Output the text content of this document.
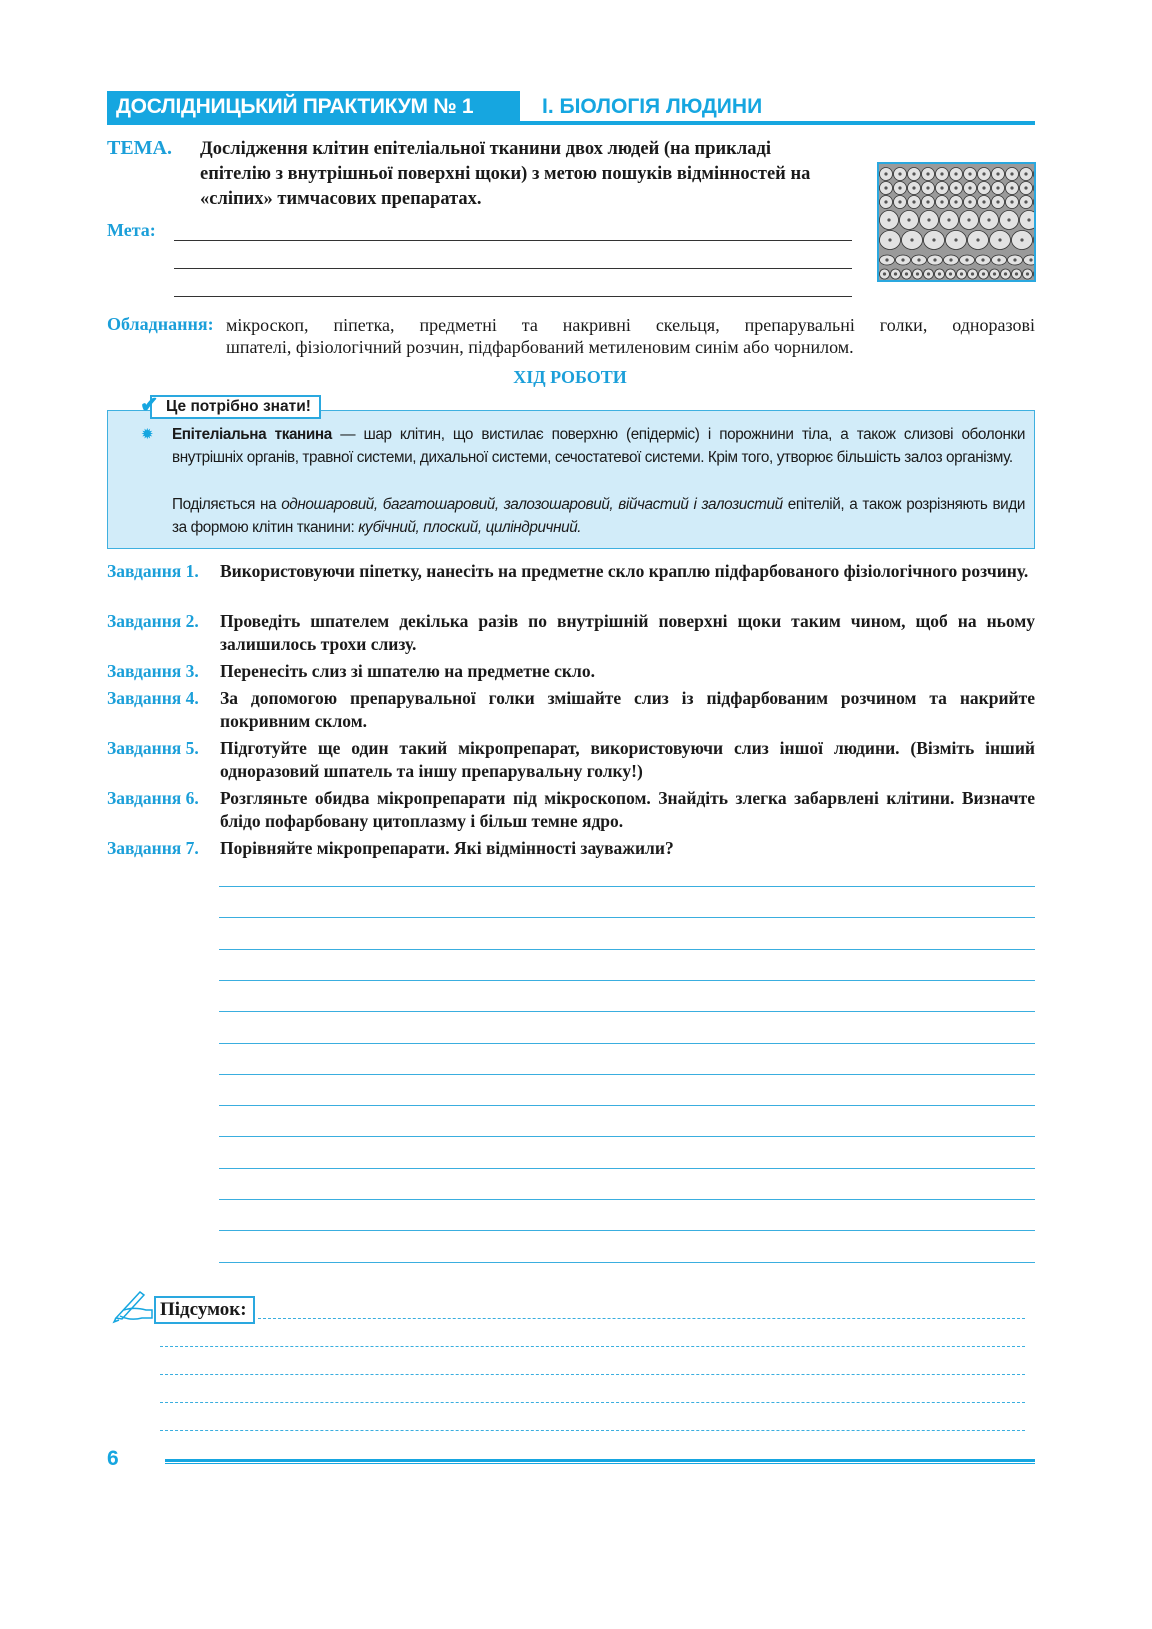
ДОСЛІДНИЦЬКИЙ ПРАКТИКУМ № 1	І. БІОЛОГІЯ ЛЮДИНИ
ТЕМА. Дослідження клітин епітеліальної тканини двох людей (на прикладі епітелію з внутрішньої поверхні щоки) з метою пошуків відмінностей на «сліпих» тимчасових препаратах.
Мета:
Обладнання: мікроскоп, піпетка, предметні та накривні скельця, препарувальні голки, одноразові
шпателі, фізіологічний розчин, підфарбований метиленовим синім або чорнилом.
ХІД РОБОТИ
Це потрібно знати!
✔
✹ Епітеліальна тканина — шар клітин, що вистилає поверхню (епідерміс) і порожнини тіла, а також слизові оболонки внутрішніх органів, травної системи, дихальної системи, сечостатевої системи. Крім того, утворює більшість залоз організму.
Поділяється на одношаровий, багатошаровий, залозошаровий, війчастий і залозистий епітелій, а також розрізняють види за формою клітин тканини: кубічний, плоский, циліндричний.
Завдання 1. Використовуючи піпетку, нанесіть на предметне скло краплю підфарбованого фізіологічного розчину.
Завдання 2. Проведіть шпателем декілька разів по внутрішній поверхні щоки таким чином, щоб на ньому залишилось трохи слизу.
Завдання 3. Перенесіть слиз зі шпателю на предметне скло.
Завдання 4. За допомогою препарувальної голки змішайте слиз із підфарбованим розчином та накрийте покривним склом.
Завдання 5. Підготуйте ще один такий мікропрепарат, використовуючи слиз іншої людини. (Візміть інший одноразовий шпатель та іншу препарувальну голку!)
Завдання 6. Розгляньте обидва мікропрепарати під мікроскопом. Знайдіть злегка забарвлені клітини. Визначте блідо пофарбовану цитоплазму і більш темне ядро.
Завдання 7. Порівняйте мікропрепарати. Які відмінності зауважили?
Підсумок:
6
